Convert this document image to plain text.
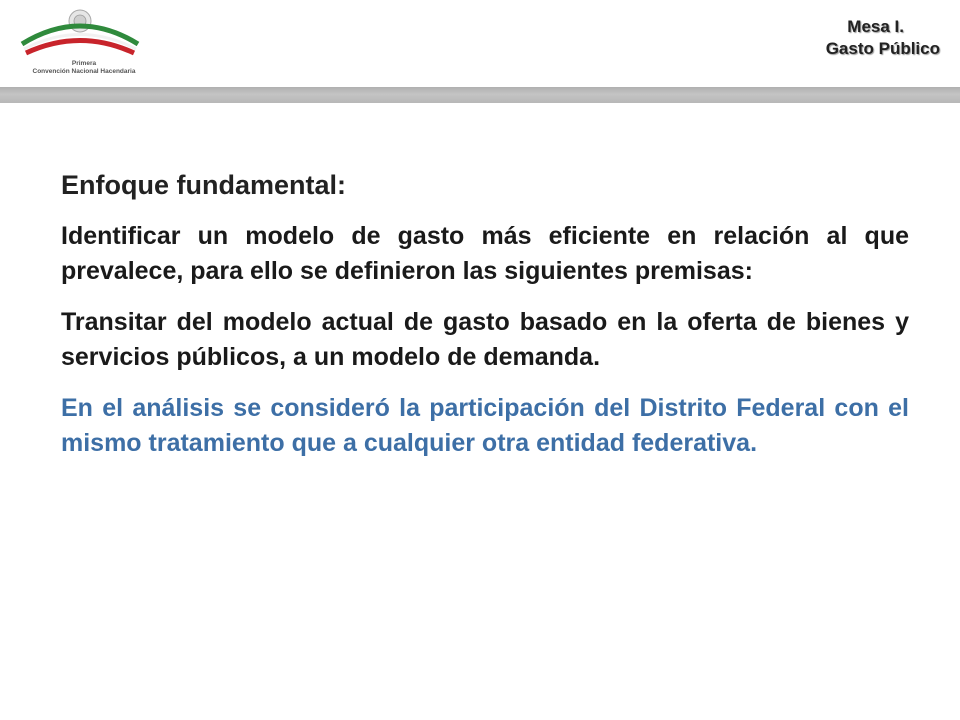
Primera
Convención Nacional Hacendaria
Mesa I.
Gasto Público

Enfoque fundamental:

Identificar un modelo de gasto más eficiente en relación al que prevalece, para ello se definieron las siguientes premisas:

Transitar del modelo actual de gasto basado en la oferta de bienes y servicios públicos, a un modelo de demanda.

En el análisis se consideró la participación del Distrito Federal con el mismo tratamiento que a cualquier otra entidad federativa.
